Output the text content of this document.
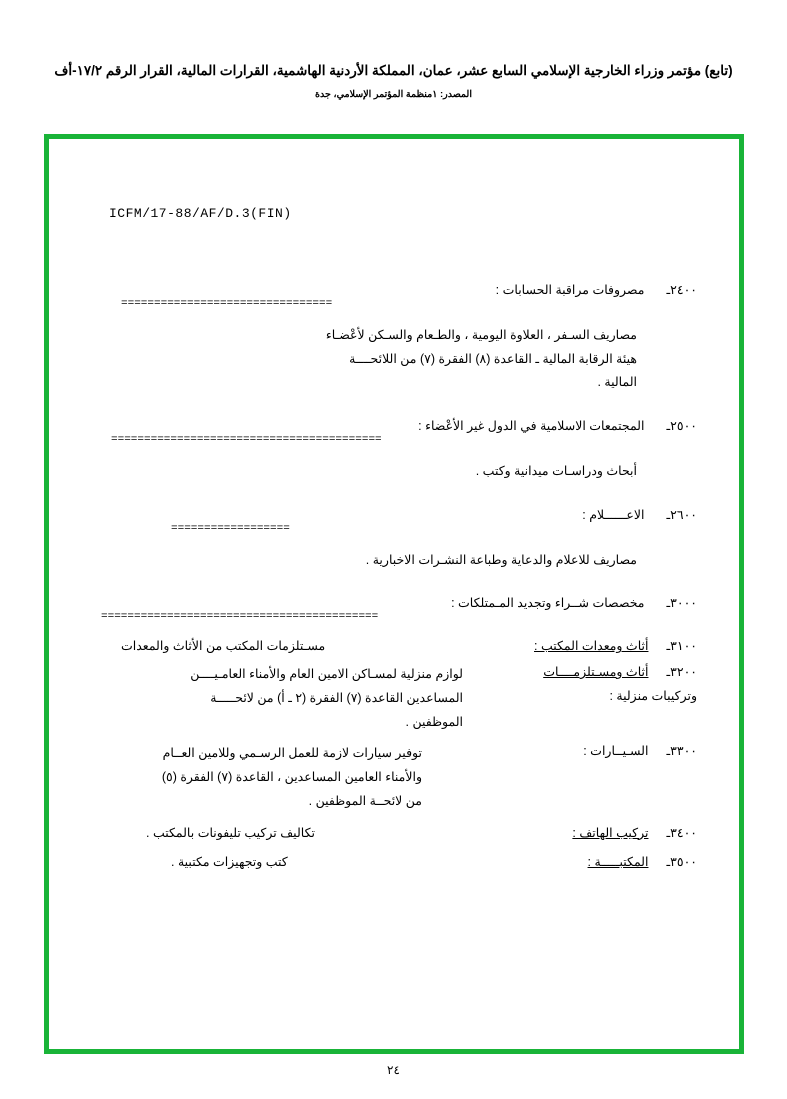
(تابع) مؤتمر وزراء الخارجية الإسلامي السابع عشر، عمان، المملكة الأردنية الهاشمية، القرارات المالية، القرار الرقم ١٧/٢-أف
المصدر: ۱منظمة المؤتمر الإسلامي، جدة
ICFM/17-88/AF/D.3(FIN)
٢٤٠٠ـ  مصروفات مراقبة الحسابات :
================================
مصاريف السـفر ، العلاوة اليومية ، والطـعام والسـكن لأعْضـاء
هيئة الرقابة المالية ـ القاعدة (٨) الفقرة (٧) من اللائحــــة
المالية .
٢٥٠٠ـ  المجتمعات الاسلامية في الدول غير الأعْضاء :
=========================================
أبحاث ودراسـات ميدانية وكتب .
٢٦٠٠ـ  الاعــــــلام :
==================
مصاريف للاعلام والدعاية وطباعة النشـرات الاخبارية .
٣٠٠٠ـ  مخصصات شــراء وتجديد المـمتلكات :
==========================================
٣١٠٠ـ  أثاث ومعدات المكتب :
مسـتلزمات المكتب من الأثاث والمعدات
٣٢٠٠ـ  أثاث ومسـتلزمــــات
وتركيبات منزلية :
لوازم منزلية لمسـاكن الامين العام والأمناء العامـيــــن
المساعدين القاعدة (٧) الفقرة (٢ ـ أ) من لائحـــــة
الموظفين .
٣٣٠٠ـ  السـيــارات :
توفير سيارات لازمة للعمل الرسـمي وللامين العــام
والأمناء العامين المساعدين ، القاعدة (٧) الفقرة (٥)
من لائحــة الموظفين .
٣٤٠٠ـ  تركيب الهاتف :
تكاليف تركيب تليفونات بالمكتب .
٣٥٠٠ـ  المكتبـــــة :
كتب وتجهيزات مكتبية .
٢٤
